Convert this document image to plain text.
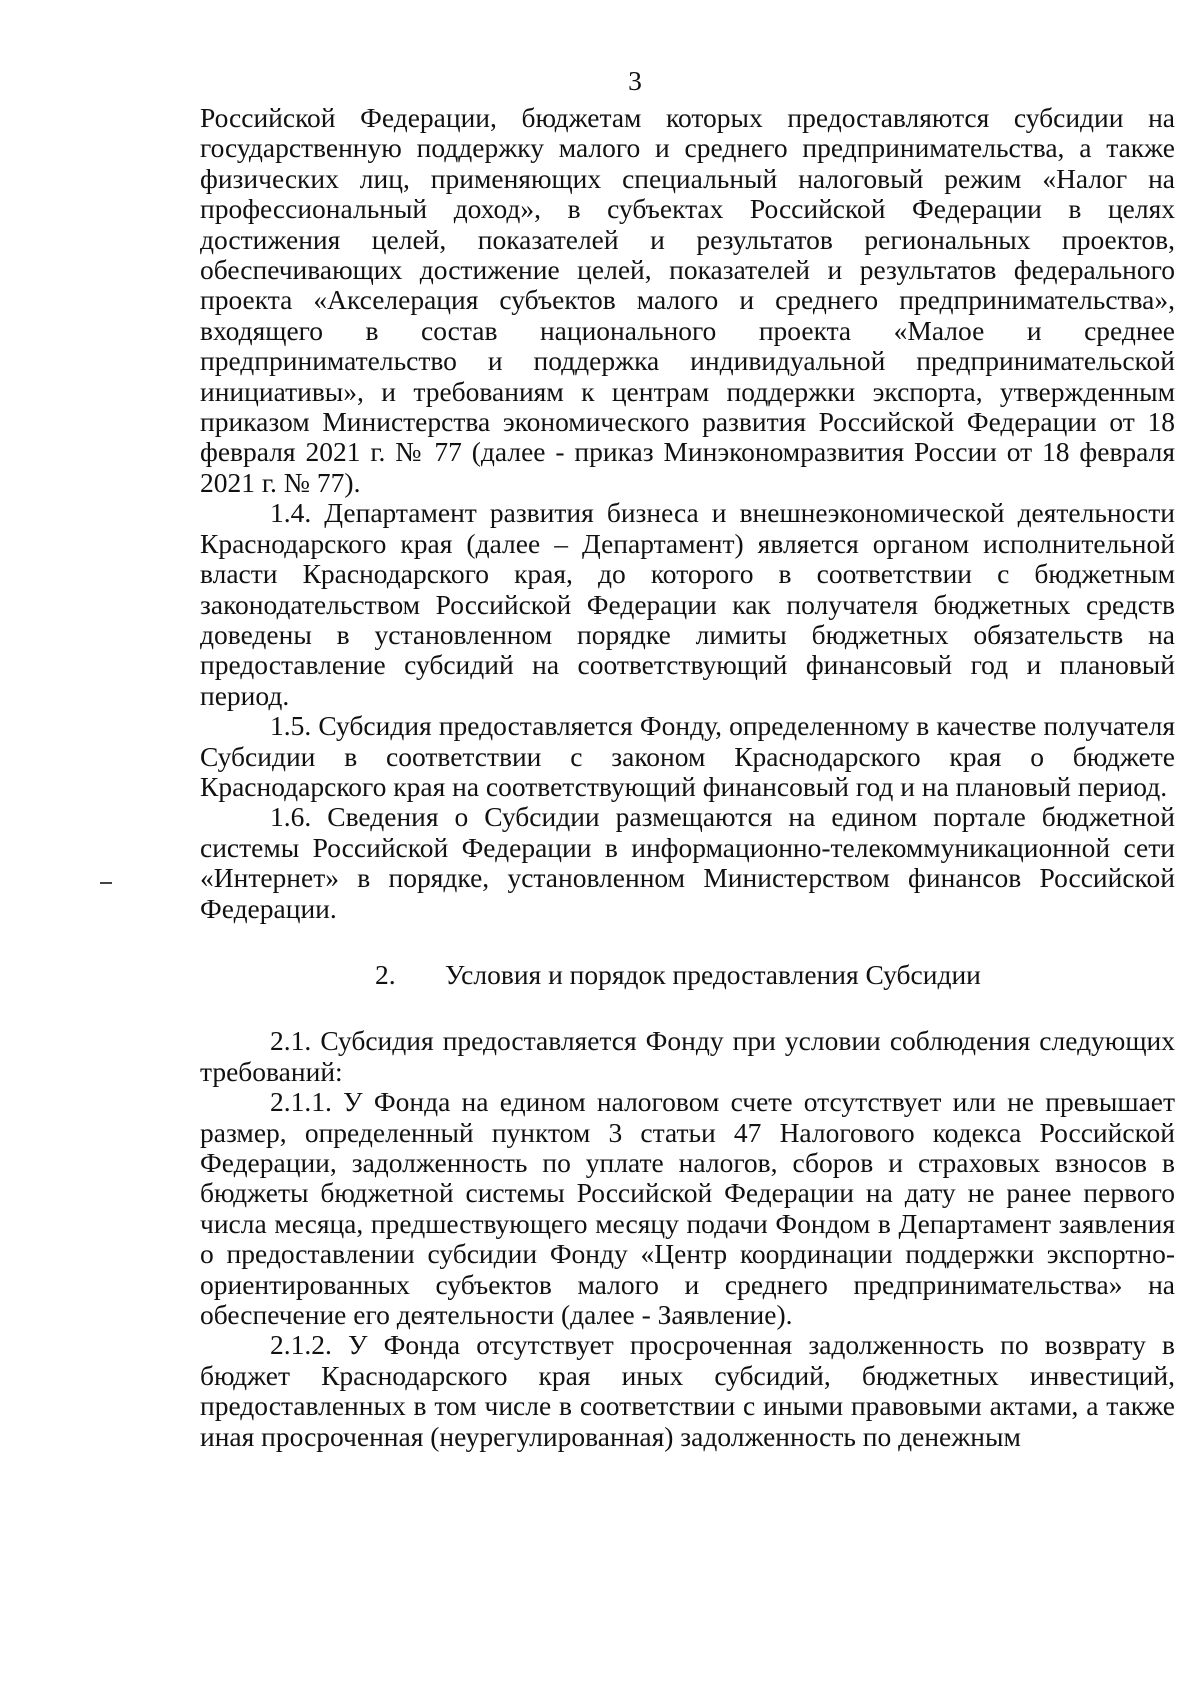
3

Российской Федерации, бюджетам которых предоставляются субсидии на государственную поддержку малого и среднего предпринимательства, а также физических лиц, применяющих специальный налоговый режим «Налог на профессиональный доход», в субъектах Российской Федерации в целях достижения целей, показателей и результатов региональных проектов, обеспечивающих достижение целей, показателей и результатов федерального проекта «Акселерация субъектов малого и среднего предпринимательства», входящего в состав национального проекта «Малое и среднее предпринимательство и поддержка индивидуальной предпринимательской инициативы», и требованиям к центрам поддержки экспорта, утвержденным приказом Министерства экономического развития Российской Федерации от 18 февраля 2021 г. № 77 (далее - приказ Минэкономразвития России от 18 февраля 2021 г. № 77).

1.4. Департамент развития бизнеса и внешнеэкономической деятельности Краснодарского края (далее – Департамент) является органом исполнительной власти Краснодарского края, до которого в соответствии с бюджетным законодательством Российской Федерации как получателя бюджетных средств доведены в установленном порядке лимиты бюджетных обязательств на предоставление субсидий на соответствующий финансовый год и плановый период.

1.5. Субсидия предоставляется Фонду, определенному в качестве получателя Субсидии в соответствии с законом Краснодарского края о бюджете Краснодарского края на соответствующий финансовый год и на плановый период.

1.6. Сведения о Субсидии размещаются на едином портале бюджетной системы Российской Федерации в информационно-телекоммуникационной сети «Интернет» в порядке, установленном Министерством финансов Российской Федерации.

2. Условия и порядок предоставления Субсидии

2.1. Субсидия предоставляется Фонду при условии соблюдения следующих требований:

2.1.1. У Фонда на едином налоговом счете отсутствует или не превышает размер, определенный пунктом 3 статьи 47 Налогового кодекса Российской Федерации, задолженность по уплате налогов, сборов и страховых взносов в бюджеты бюджетной системы Российской Федерации на дату не ранее первого числа месяца, предшествующего месяцу подачи Фондом в Департамент заявления о предоставлении субсидии Фонду «Центр координации поддержки экспортно-ориентированных субъектов малого и среднего предпринимательства» на обеспечение его деятельности (далее - Заявление).

2.1.2. У Фонда отсутствует просроченная задолженность по возврату в бюджет Краснодарского края иных субсидий, бюджетных инвестиций, предоставленных в том числе в соответствии с иными правовыми актами, а также иная просроченная (неурегулированная) задолженность по денежным
